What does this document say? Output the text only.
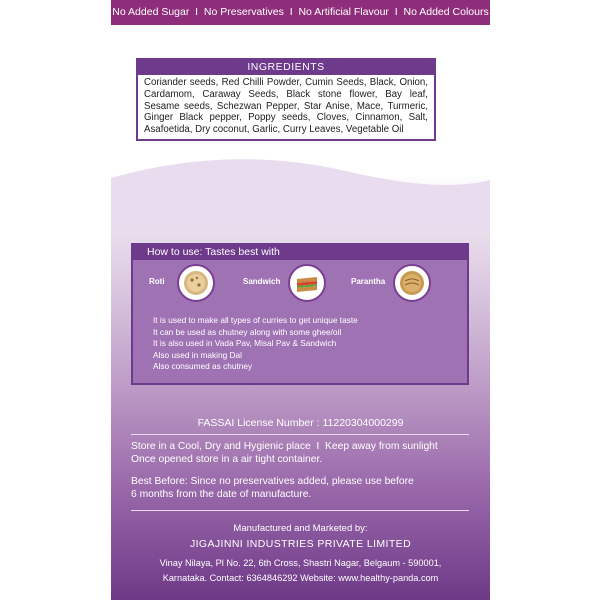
No Added Sugar  I  No Preservatives  I  No Artificial Flavour  I  No Added Colours
INGREDIENTS
Coriander seeds, Red Chilli Powder, Cumin Seeds, Black, Onion, Cardamom, Caraway Seeds, Black stone flower, Bay leaf, Sesame seeds, Schezwan Pepper, Star Anise, Mace, Turmeric, Ginger Black pepper, Poppy seeds, Cloves, Cinnamon, Salt, Asafoetida, Dry coconut, Garlic, Curry Leaves, Vegetable Oil
How to use: Tastes best with
Roti	Sandwich	Parantha
It is used to make all types of curries to get unique taste
It can be used as chutney along with some ghee/oil
It is also used in Vada Pav, Misal Pav & Sandwich
Also used in making Dal
Also consumed as chutney
FASSAI License Number : 11220304000299
Store in a Cool, Dry and Hygienic place  I  Keep away from sunlight
Once opened store in a air tight container.
Best Before: Since no preservatives added, please use before
6 months from the date of manufacture.
Manufactured and Marketed by:
JIGAJINNI INDUSTRIES PRIVATE LIMITED
Vinay Nilaya, Pl No. 22, 6th Cross, Shastri Nagar, Belgaum - 590001,
Karnataka. Contact: 6364846292 Website: www.healthy-panda.com
